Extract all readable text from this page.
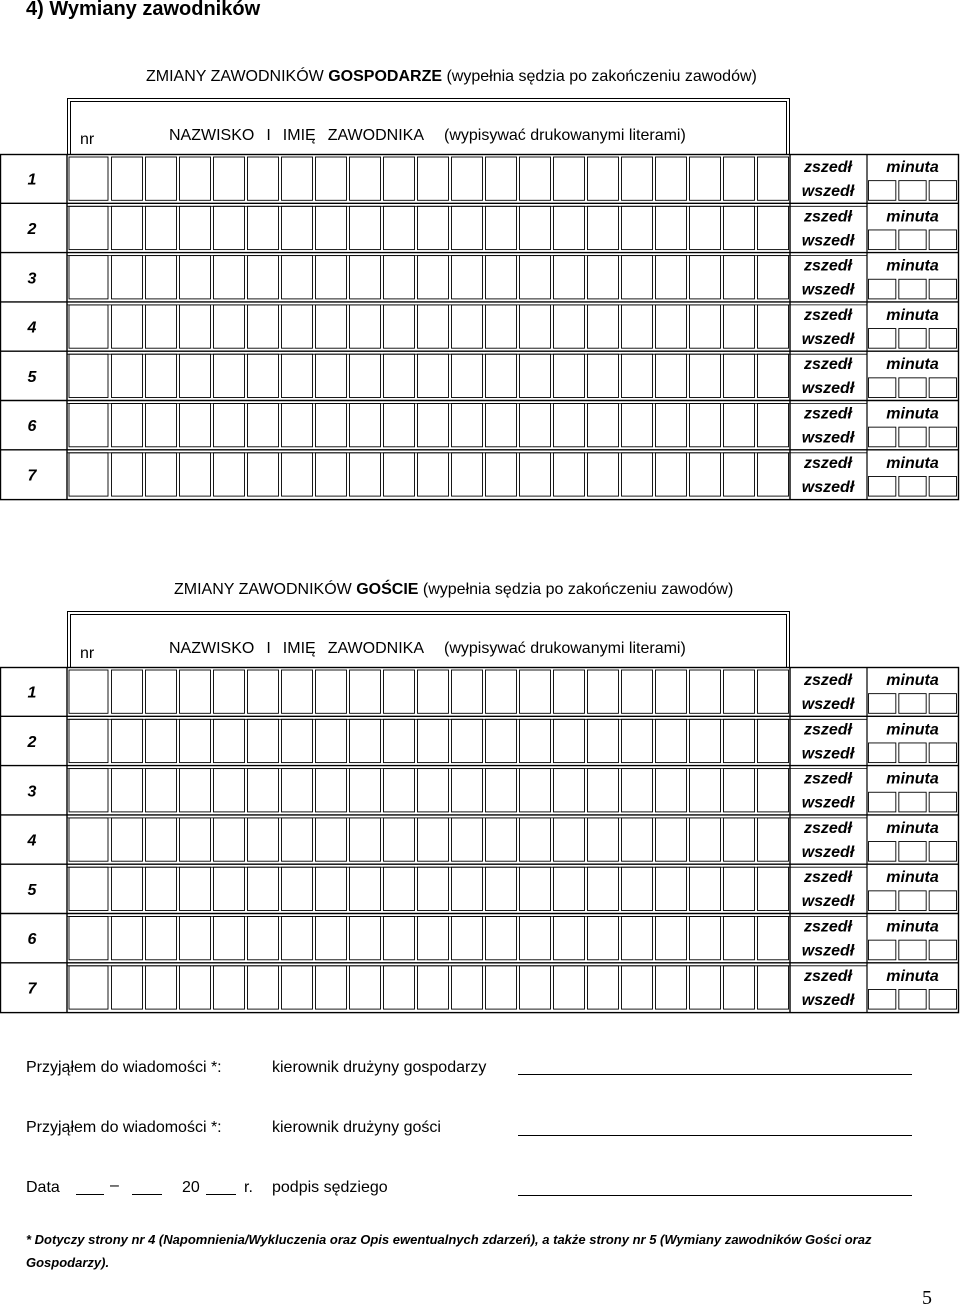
4) Wymiany zawodników
ZMIANY ZAWODNIKÓW GOSPODARZE (wypełnia sędzia po zakończeniu zawodów)
nr	NAZWISKO I IMIĘ ZAWODNIKA (wypisywać drukowanymi literami)
1
zszedł
wszedł
minuta
2
zszedł
wszedł
minuta
3
zszedł
wszedł
minuta
4
zszedł
wszedł
minuta
5
zszedł
wszedł
minuta
6
zszedł
wszedł
minuta
7
zszedł
wszedł
minuta
ZMIANY ZAWODNIKÓW GOŚCIE (wypełnia sędzia po zakończeniu zawodów)
nr	NAZWISKO I IMIĘ ZAWODNIKA (wypisywać drukowanymi literami)
1
zszedł
wszedł
minuta
2
zszedł
wszedł
minuta
3
zszedł
wszedł
minuta
4
zszedł
wszedł
minuta
5
zszedł
wszedł
minuta
6
zszedł
wszedł
minuta
7
zszedł
wszedł
minuta
Przyjąłem do wiadomości *:	kierownik drużyny gospodarzy
Przyjąłem do wiadomości *:	kierownik drużyny gości
Data	–	20	r. podpis sędziego
* Dotyczy strony nr 4 (Napomnienia/Wykluczenia oraz Opis ewentualnych zdarzeń), a także strony nr 5 (Wymiany zawodników Gości oraz Gospodarzy).
5
